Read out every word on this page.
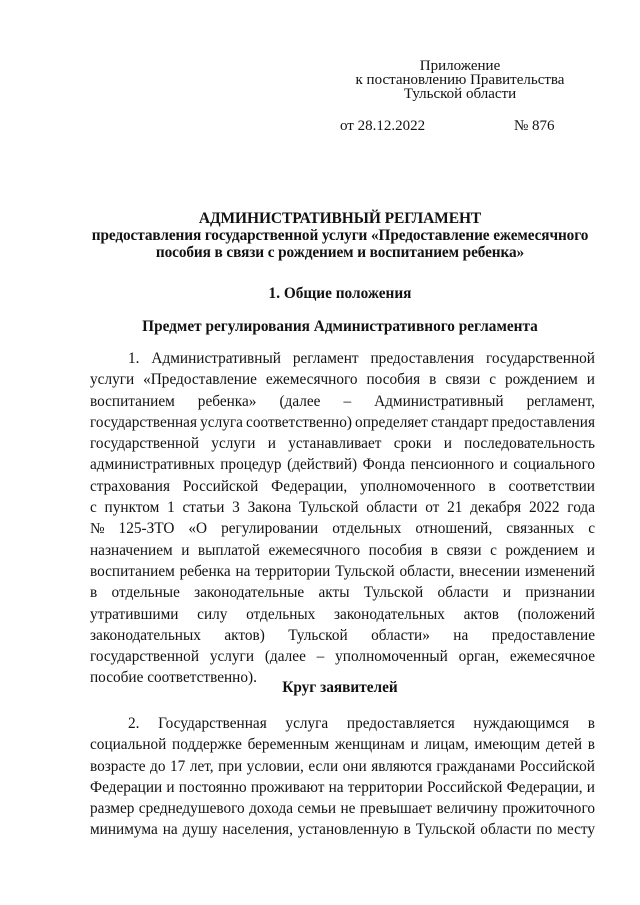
Приложение
к постановлению Правительства
Тульской области
от 28.12.2022	№ 876
АДМИНИСТРАТИВНЫЙ РЕГЛАМЕНТ
предоставления государственной услуги «Предоставление ежемесячного
пособия в связи с рождением и воспитанием ребенка»
1. Общие положения
Предмет регулирования Административного регламента
1. Административный регламент предоставления государственной
услуги «Предоставление ежемесячного пособия в связи с рождением и
воспитанием ребенка» (далее – Административный регламент,
государственная услуга соответственно) определяет стандарт предоставления
государственной услуги и устанавливает сроки и последовательность
административных процедур (действий) Фонда пенсионного и социального
страхования Российской Федерации, уполномоченного в соответствии
с пунктом 1 статьи 3 Закона Тульской области от 21 декабря 2022 года
№ 125-ЗТО «О регулировании отдельных отношений, связанных с
назначением и выплатой ежемесячного пособия в связи с рождением и
воспитанием ребенка на территории Тульской области, внесении изменений
в отдельные законодательные акты Тульской области и признании
утратившими силу отдельных законодательных актов (положений
законодательных актов) Тульской области» на предоставление
государственной услуги (далее – уполномоченный орган, ежемесячное
пособие соответственно).
Круг заявителей
2. Государственная услуга предоставляется нуждающимся в
социальной поддержке беременным женщинам и лицам, имеющим детей в
возрасте до 17 лет, при условии, если они являются гражданами Российской
Федерации и постоянно проживают на территории Российской Федерации, и
размер среднедушевого дохода семьи не превышает величину прожиточного
минимума на душу населения, установленную в Тульской области по месту
